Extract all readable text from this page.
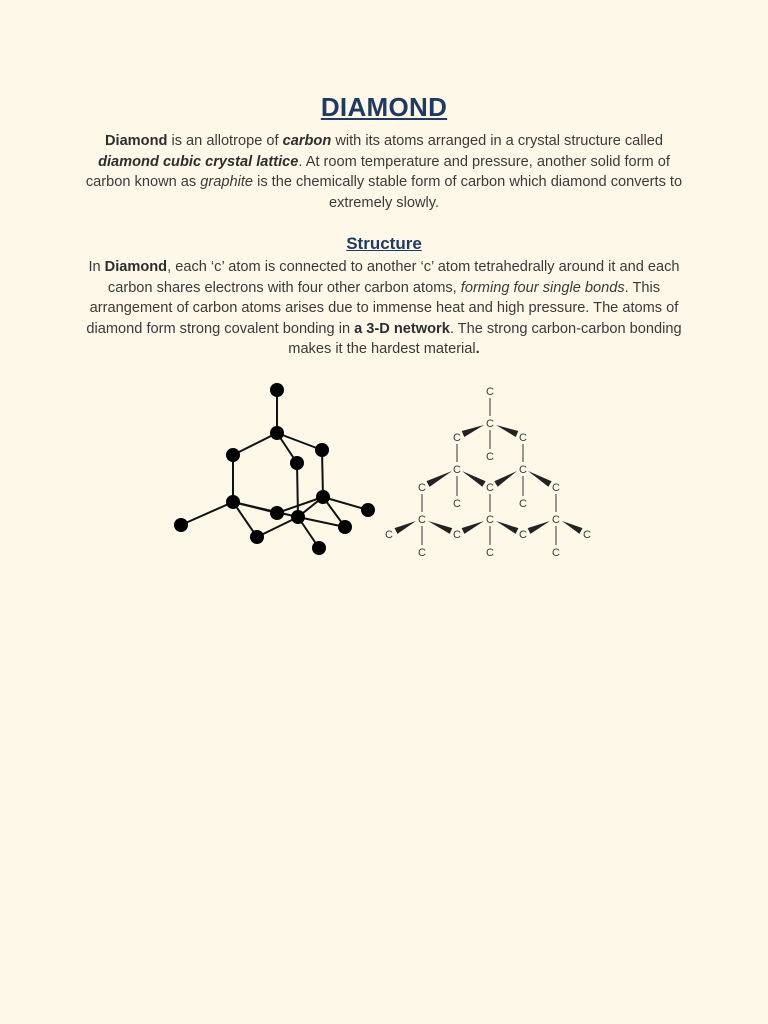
DIAMOND
Diamond is an allotrope of carbon with its atoms arranged in a crystal structure called diamond cubic crystal lattice. At room temperature and pressure, another solid form of carbon known as graphite is the chemically stable form of carbon which diamond converts to extremely slowly.
Structure
In Diamond, each ‘c’ atom is connected to another ‘c’ atom tetrahedrally around it and each carbon shares electrons with four other carbon atoms, forming four single bonds. This arrangement of carbon atoms arises due to immense heat and high pressure. The atoms of diamond form strong covalent bonding in a 3-D network. The strong carbon-carbon bonding makes it the hardest material.
C
C
C	C
C
C	C
C	C	C
C	C
C	C	C
C	C	C	C
C	C	C
